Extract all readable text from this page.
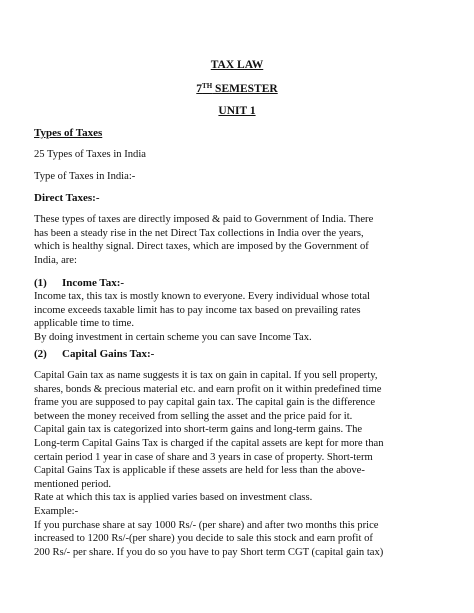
TAX LAW
7TH SEMESTER
UNIT 1
Types of Taxes
25 Types of Taxes in India
Type of Taxes in India:-
Direct Taxes:-
These types of taxes are directly imposed & paid to Government of India. There
has been a steady rise in the net Direct Tax collections in India over the years,
which is healthy signal. Direct taxes, which are imposed by the Government of
India, are:
(1) Income Tax:-
Income tax, this tax is mostly known to everyone. Every individual whose total
income exceeds taxable limit has to pay income tax based on prevailing rates
applicable time to time.
By doing investment in certain scheme you can save Income Tax.
(2) Capital Gains Tax:-
Capital Gain tax as name suggests it is tax on gain in capital. If you sell property,
shares, bonds & precious material etc. and earn profit on it within predefined time
frame you are supposed to pay capital gain tax. The capital gain is the difference
between the money received from selling the asset and the price paid for it.
Capital gain tax is categorized into short-term gains and long-term gains. The
Long-term Capital Gains Tax is charged if the capital assets are kept for more than
certain period 1 year in case of share and 3 years in case of property. Short-term
Capital Gains Tax is applicable if these assets are held for less than the above-
mentioned period.
Rate at which this tax is applied varies based on investment class.
Example:-
If you purchase share at say 1000 Rs/- (per share) and after two months this price
increased to 1200 Rs/-(per share) you decide to sale this stock and earn profit of
200 Rs/- per share. If you do so you have to pay Short term CGT (capital gain tax)
